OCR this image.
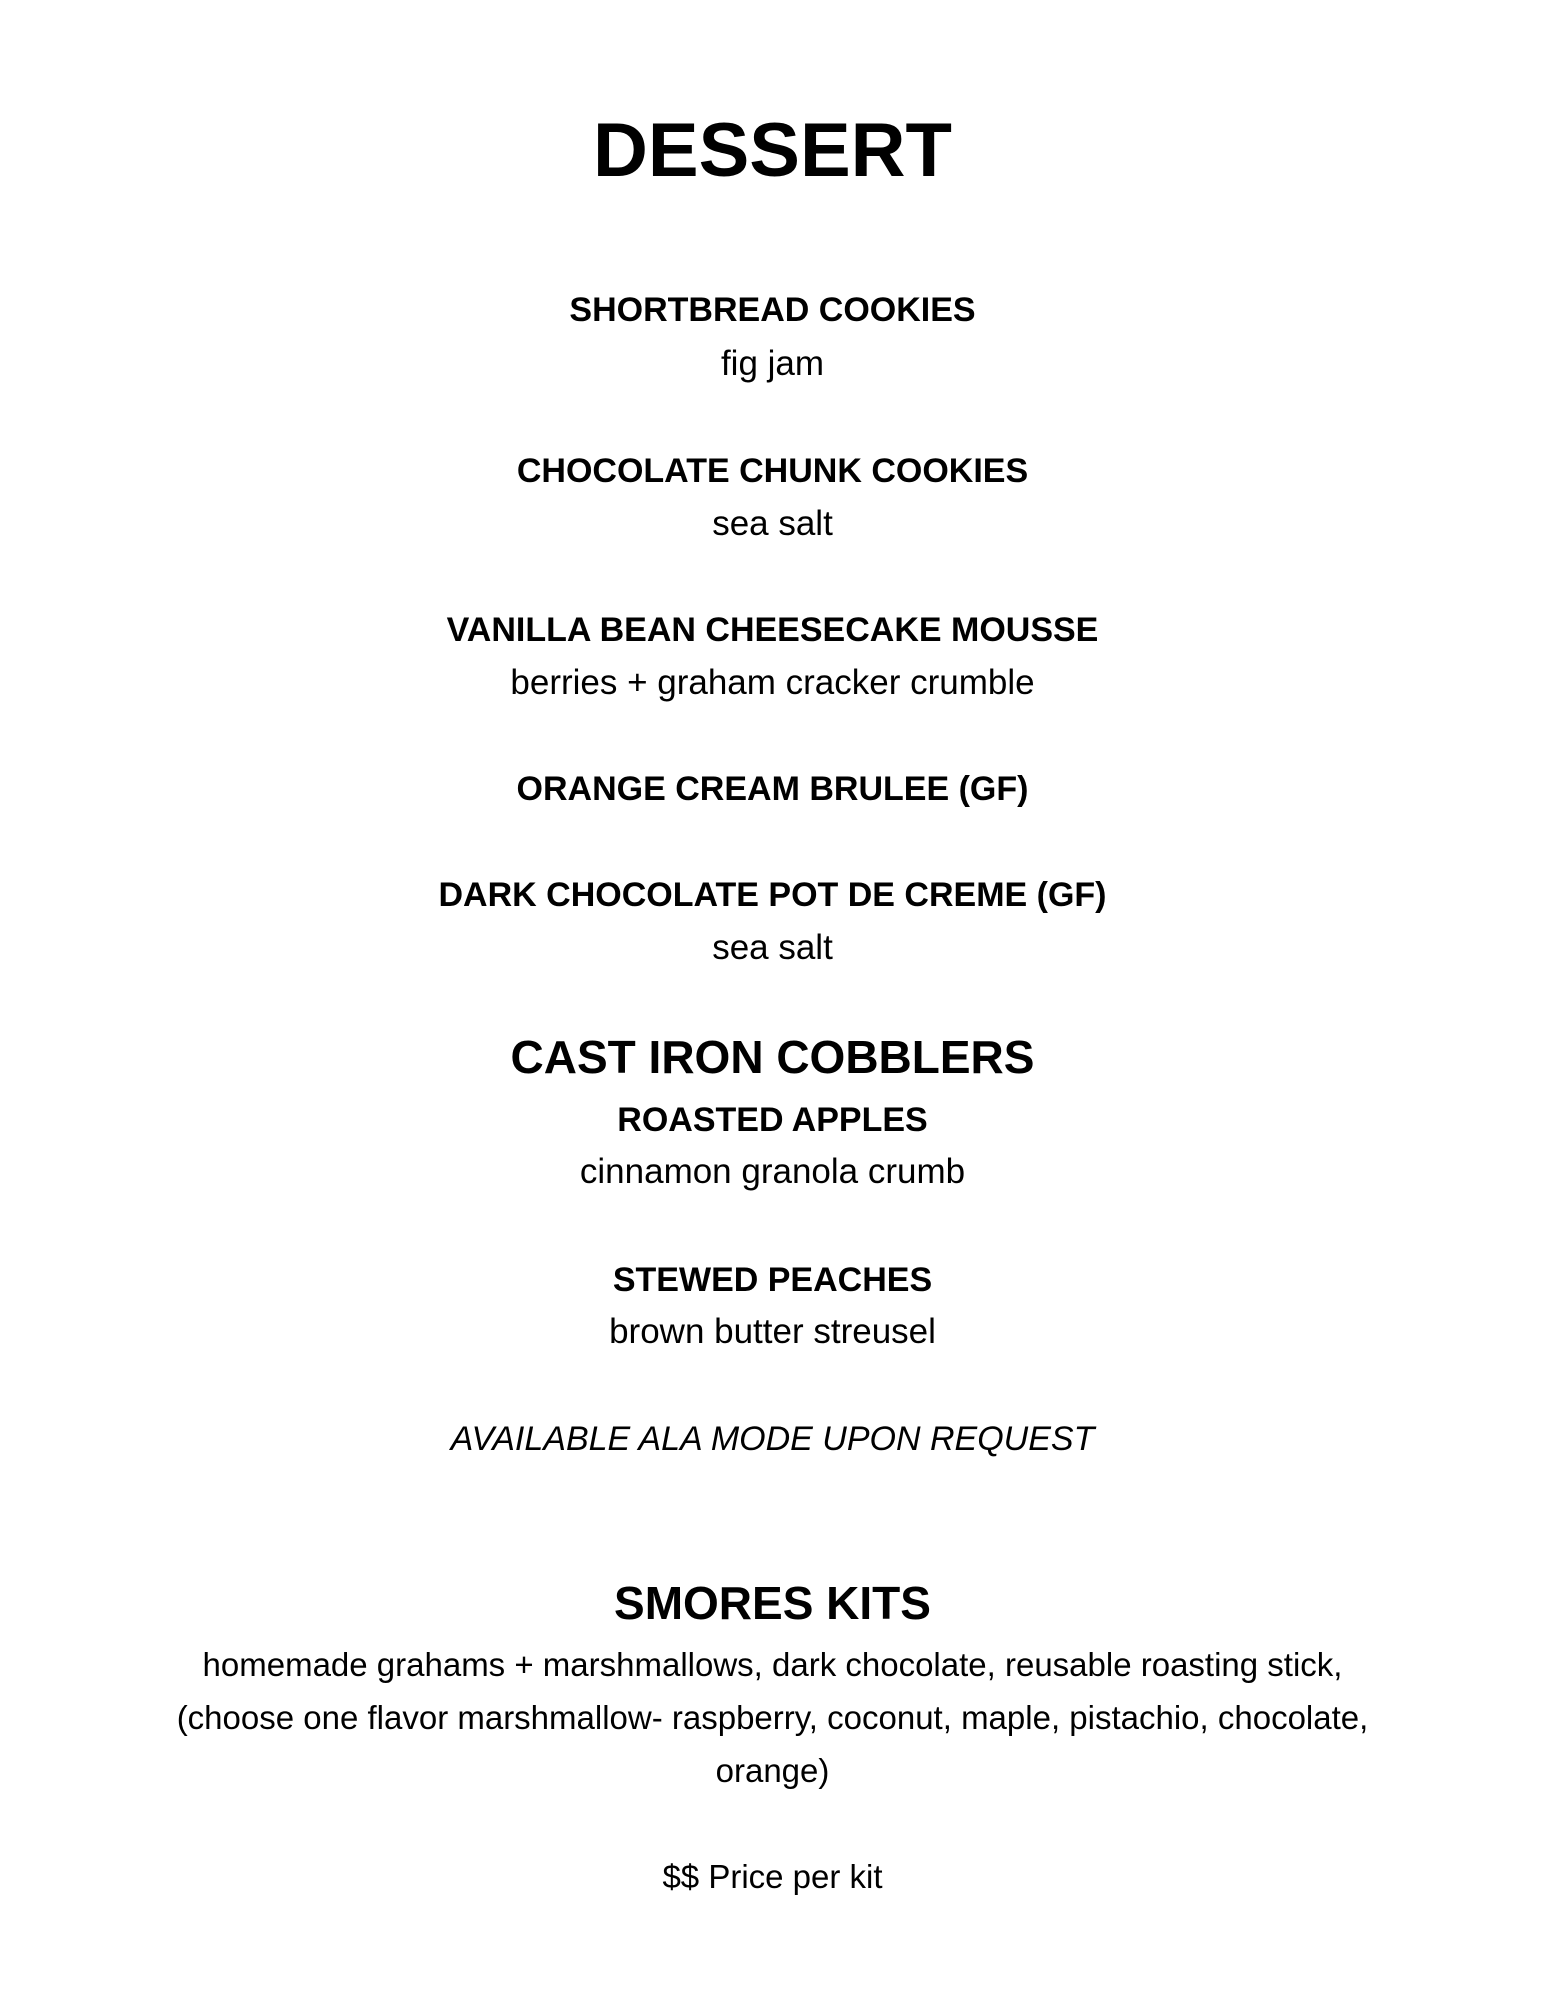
DESSERT
SHORTBREAD COOKIES
fig jam
CHOCOLATE CHUNK COOKIES
sea salt
VANILLA BEAN CHEESECAKE MOUSSE
berries + graham cracker crumble
ORANGE CREAM BRULEE (GF)
DARK CHOCOLATE POT DE CREME (GF)
sea salt
CAST IRON COBBLERS
ROASTED APPLES
cinnamon granola crumb
STEWED PEACHES
brown butter streusel
AVAILABLE ALA MODE UPON REQUEST
SMORES KITS
homemade grahams + marshmallows, dark chocolate, reusable roasting stick,
(choose one flavor marshmallow- raspberry, coconut, maple, pistachio, chocolate,
orange)
$$ Price per kit
